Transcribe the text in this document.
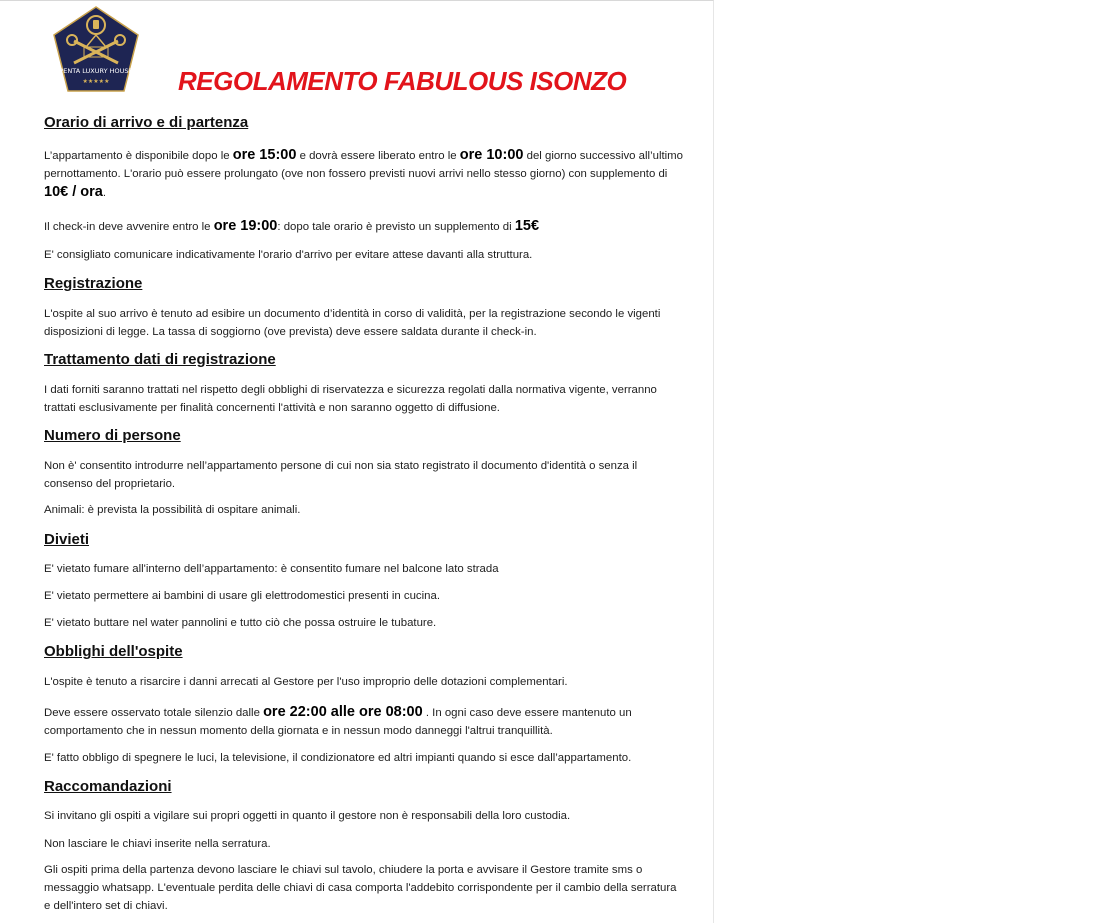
PENTA LUXURY HOUSE
★★★★★	REGOLAMENTO FABULOUS ISONZO
Orario di arrivo e di partenza

L’appartamento è disponibile dopo le ore 15:00 e dovrà essere liberato entro le ore 10:00 del giorno successivo all’ultimo pernottamento. L'orario può essere prolungato (ove non fossero previsti nuovi arrivi nello stesso giorno) con supplemento di 10€ / ora.

Il check-in deve avvenire entro le ore 19:00: dopo tale orario è previsto un supplemento di 15€

E' consigliato comunicare indicativamente l'orario d'arrivo per evitare attese davanti alla struttura.

Registrazione

L'ospite al suo arrivo è tenuto ad esibire un documento d’identità in corso di validità, per la registrazione secondo le vigenti disposizioni di legge. La tassa di soggiorno (ove prevista) deve essere saldata durante il check-in.

Trattamento dati di registrazione

I dati forniti saranno trattati nel rispetto degli obblighi di riservatezza e sicurezza regolati dalla normativa vigente, verranno trattati esclusivamente per finalità concernenti l'attività e non saranno oggetto di diffusione.

Numero di persone

Non è' consentito introdurre nell’appartamento persone di cui non sia stato registrato il documento d'identità o senza il consenso del proprietario.

Animali: è prevista la possibilità di ospitare animali.

Divieti

E' vietato fumare all'interno dell’appartamento: è consentito fumare nel balcone lato strada

E' vietato permettere ai bambini di usare gli elettrodomestici presenti in cucina.

E' vietato buttare nel water pannolini e tutto ciò che possa ostruire le tubature.

Obblighi dell'ospite

L'ospite è tenuto a risarcire i danni arrecati al Gestore per l'uso improprio delle dotazioni complementari.

Deve essere osservato totale silenzio dalle ore 22:00 alle ore 08:00 . In ogni caso deve essere mantenuto un comportamento che in nessun momento della giornata e in nessun modo danneggi l'altrui tranquillità.

E' fatto obbligo di spegnere le luci, la televisione, il condizionatore ed altri impianti quando si esce dall’appartamento.

Raccomandazioni

Si invitano gli ospiti a vigilare sui propri oggetti in quanto il gestore non è responsabili della loro custodia.

Non lasciare le chiavi inserite nella serratura.

Gli ospiti prima della partenza devono lasciare le chiavi sul tavolo, chiudere la porta e avvisare il Gestore tramite sms o messaggio whatsapp. L'eventuale perdita delle chiavi di casa comporta l'addebito corrispondente per il cambio della serratura e dell'intero set di chiavi.
